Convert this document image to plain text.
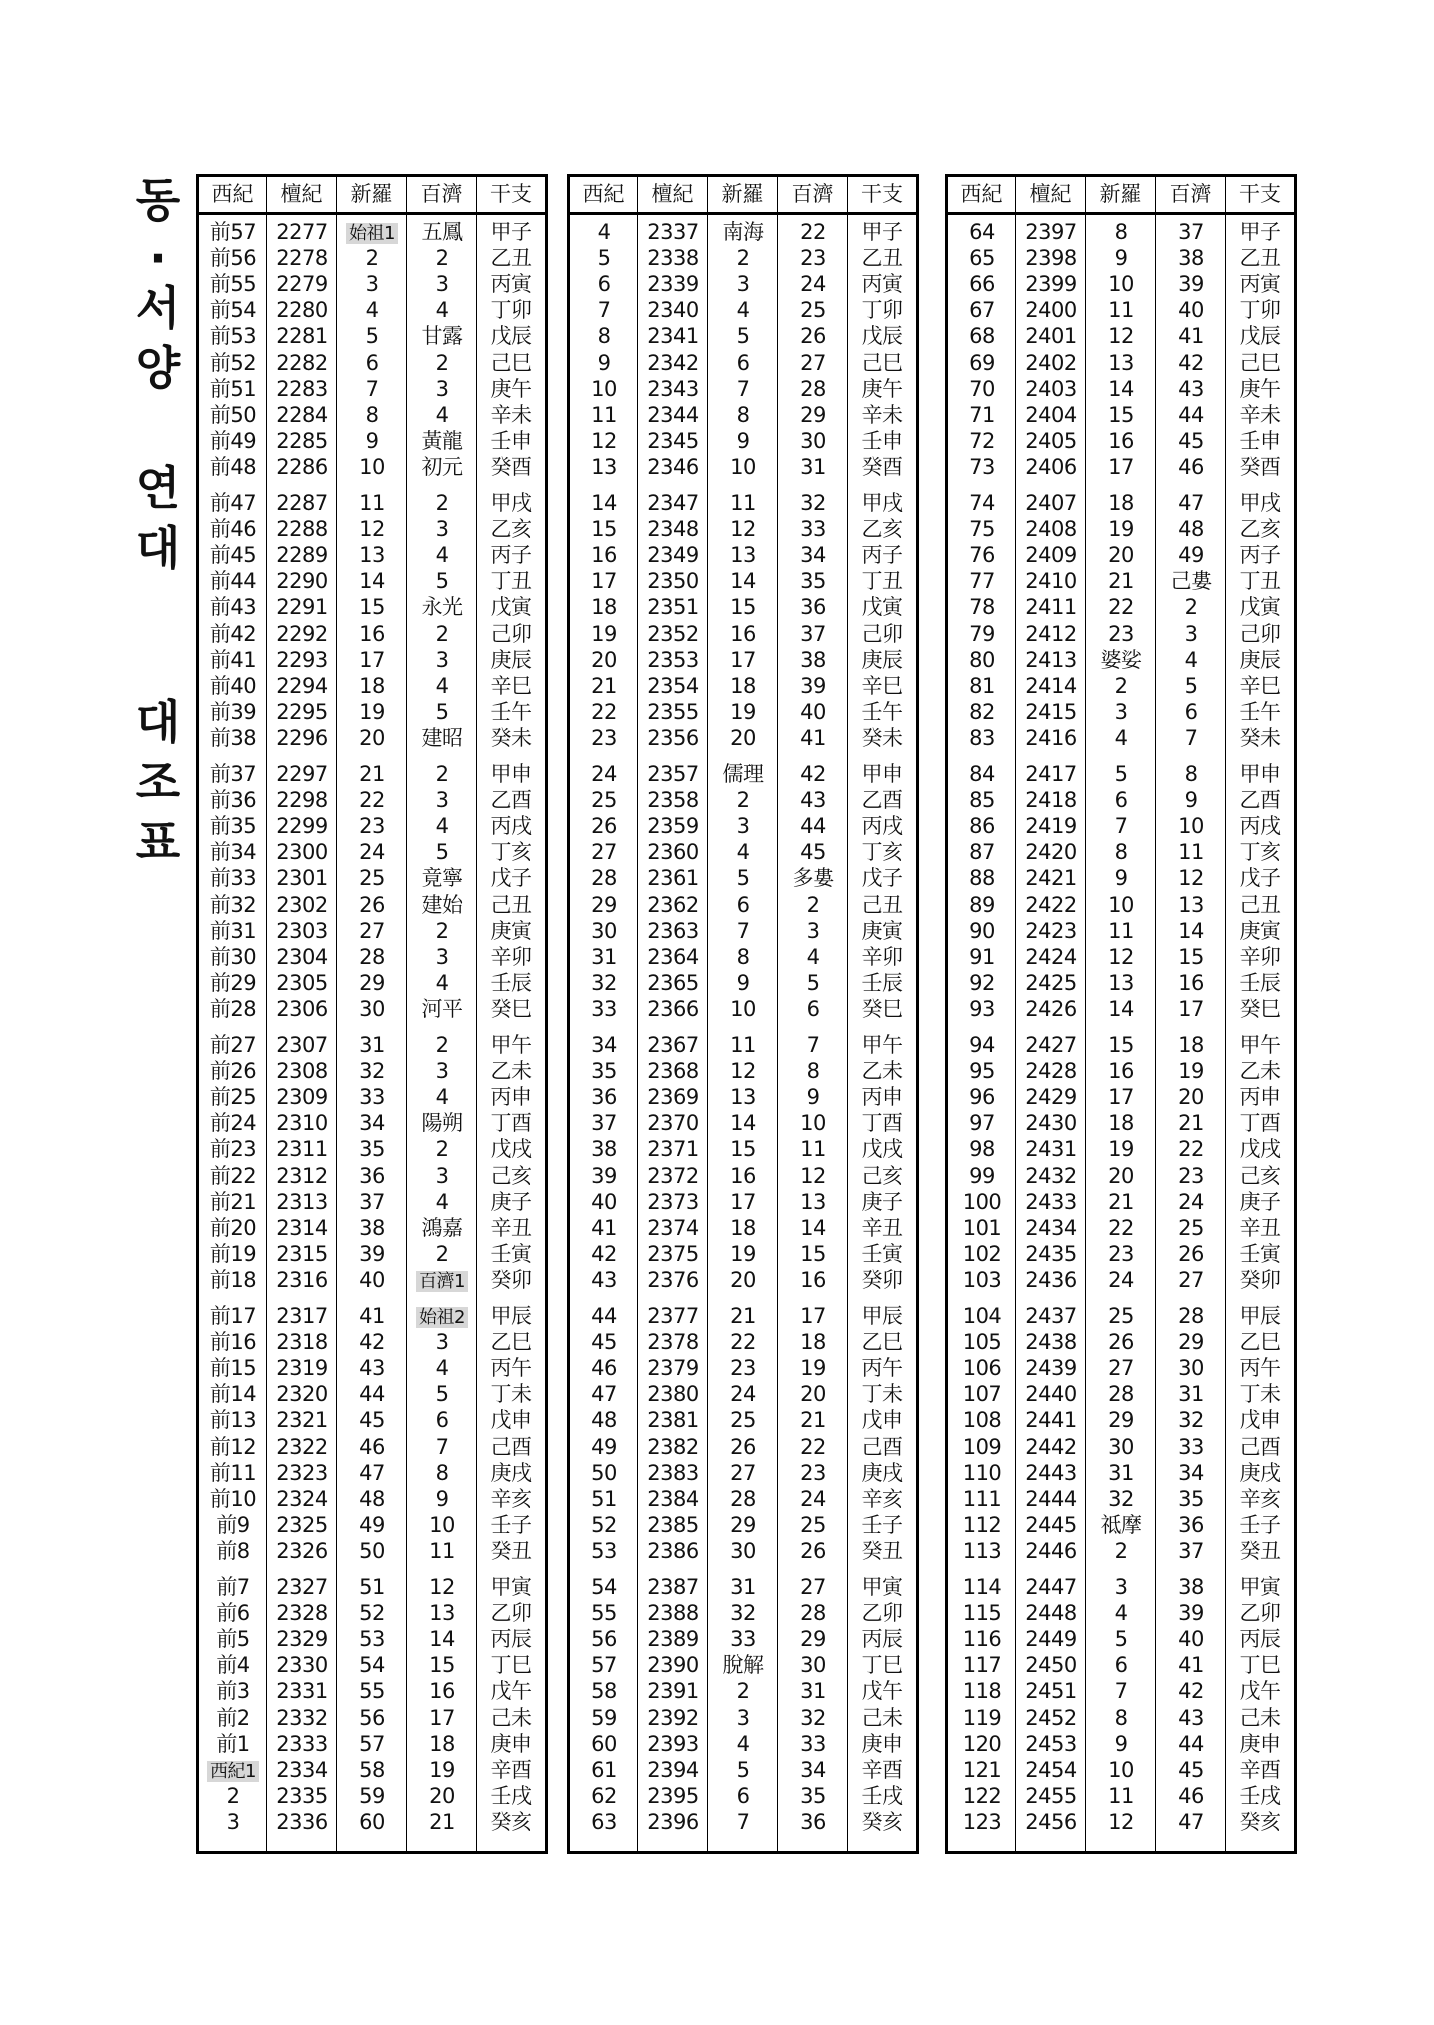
동
·
서
양
연
대
대
조
표
西紀	檀紀	新羅	百濟	干支
前57 2277	始祖1	五鳳	甲子
前56 2278	2	2	乙丑
前55 2279	3	3	丙寅
前54 2280	4	4	丁卯
前53 2281	5	甘露	戊辰
前52 2282	6	2	己巳
前51 2283	7	3	庚午
前50 2284	8	4	辛未
前49 2285	9	黃龍	壬申
前48 2286	10	初元	癸酉
前47 2287	11	2	甲戌
前46 2288	12	3	乙亥
前45 2289	13	4	丙子
前44 2290	14	5	丁丑
前43 2291	15	永光	戊寅
前42 2292	16	2	己卯
前41 2293	17	3	庚辰
前40 2294	18	4	辛巳
前39 2295	19	5	壬午
前38 2296	20	建昭	癸未
前37 2297	21	2	甲申
前36 2298	22	3	乙酉
前35 2299	23	4	丙戌
前34 2300	24	5	丁亥
前33 2301	25	竟寧	戊子
前32 2302	26	建始	己丑
前31 2303	27	2	庚寅
前30 2304	28	3	辛卯
前29 2305	29	4	壬辰
前28 2306	30	河平	癸巳
前27 2307	31	2	甲午
前26 2308	32	3	乙未
前25 2309	33	4	丙申
前24 2310	34	陽朔	丁酉
前23 2311	35	2	戊戌
前22 2312	36	3	己亥
前21 2313	37	4	庚子
前20 2314	38	鴻嘉	辛丑
前19 2315	39	2	壬寅
前18 2316	40	百濟1	癸卯
前17 2317	41	始祖2	甲辰
前16 2318	42	3	乙巳
前15 2319	43	4	丙午
前14 2320	44	5	丁未
前13 2321	45	6	戊申
前12 2322	46	7	己酉
前11 2323	47	8	庚戌
前10 2324	48	9	辛亥
前9	2325	49	10	壬子
前8	2326	50	11	癸丑
前7	2327	51	12	甲寅
前6	2328	52	13	乙卯
前5	2329	53	14	丙辰
前4	2330	54	15	丁巳
前3	2331	55	16	戊午
前2	2332	56	17	己未
前1	2333	57	18	庚申
西紀1 2334	58	19	辛酉
2	2335	59	20	壬戌
3	2336	60	21	癸亥
西紀	檀紀	新羅	百濟	干支
4	2337	南海	22	甲子
5	2338	2	23	乙丑
6	2339	3	24	丙寅
7	2340	4	25	丁卯
8	2341	5	26	戊辰
9	2342	6	27	己巳
10	2343	7	28	庚午
11	2344	8	29	辛未
12	2345	9	30	壬申
13	2346	10	31	癸酉
14	2347	11	32	甲戌
15	2348	12	33	乙亥
16	2349	13	34	丙子
17	2350	14	35	丁丑
18	2351	15	36	戊寅
19	2352	16	37	己卯
20	2353	17	38	庚辰
21	2354	18	39	辛巳
22	2355	19	40	壬午
23	2356	20	41	癸未
24	2357	儒理	42	甲申
25	2358	2	43	乙酉
26	2359	3	44	丙戌
27	2360	4	45	丁亥
28	2361	5	多婁	戊子
29	2362	6	2	己丑
30	2363	7	3	庚寅
31	2364	8	4	辛卯
32	2365	9	5	壬辰
33	2366	10	6	癸巳
34	2367	11	7	甲午
35	2368	12	8	乙未
36	2369	13	9	丙申
37	2370	14	10	丁酉
38	2371	15	11	戊戌
39	2372	16	12	己亥
40	2373	17	13	庚子
41	2374	18	14	辛丑
42	2375	19	15	壬寅
43	2376	20	16	癸卯
44	2377	21	17	甲辰
45	2378	22	18	乙巳
46	2379	23	19	丙午
47	2380	24	20	丁未
48	2381	25	21	戊申
49	2382	26	22	己酉
50	2383	27	23	庚戌
51	2384	28	24	辛亥
52	2385	29	25	壬子
53	2386	30	26	癸丑
54	2387	31	27	甲寅
55	2388	32	28	乙卯
56	2389	33	29	丙辰
57	2390	脫解	30	丁巳
58	2391	2	31	戊午
59	2392	3	32	己未
60	2393	4	33	庚申
61	2394	5	34	辛酉
62	2395	6	35	壬戌
63	2396	7	36	癸亥
西紀	檀紀	新羅	百濟	干支
64	2397	8	37	甲子
65	2398	9	38	乙丑
66	2399	10	39	丙寅
67	2400	11	40	丁卯
68	2401	12	41	戊辰
69	2402	13	42	己巳
70	2403	14	43	庚午
71	2404	15	44	辛未
72	2405	16	45	壬申
73	2406	17	46	癸酉
74	2407	18	47	甲戌
75	2408	19	48	乙亥
76	2409	20	49	丙子
77	2410	21	己婁	丁丑
78	2411	22	2	戊寅
79	2412	23	3	己卯
80	2413	婆娑	4	庚辰
81	2414	2	5	辛巳
82	2415	3	6	壬午
83	2416	4	7	癸未
84	2417	5	8	甲申
85	2418	6	9	乙酉
86	2419	7	10	丙戌
87	2420	8	11	丁亥
88	2421	9	12	戊子
89	2422	10	13	己丑
90	2423	11	14	庚寅
91	2424	12	15	辛卯
92	2425	13	16	壬辰
93	2426	14	17	癸巳
94	2427	15	18	甲午
95	2428	16	19	乙未
96	2429	17	20	丙申
97	2430	18	21	丁酉
98	2431	19	22	戊戌
99	2432	20	23	己亥
100	2433	21	24	庚子
101	2434	22	25	辛丑
102	2435	23	26	壬寅
103	2436	24	27	癸卯
104	2437	25	28	甲辰
105	2438	26	29	乙巳
106	2439	27	30	丙午
107	2440	28	31	丁未
108	2441	29	32	戊申
109	2442	30	33	己酉
110	2443	31	34	庚戌
111	2444	32	35	辛亥
112	2445	祗摩	36	壬子
113	2446	2	37	癸丑
114	2447	3	38	甲寅
115	2448	4	39	乙卯
116	2449	5	40	丙辰
117	2450	6	41	丁巳
118	2451	7	42	戊午
119	2452	8	43	己未
120	2453	9	44	庚申
121	2454	10	45	辛酉
122	2455	11	46	壬戌
123	2456	12	47	癸亥
